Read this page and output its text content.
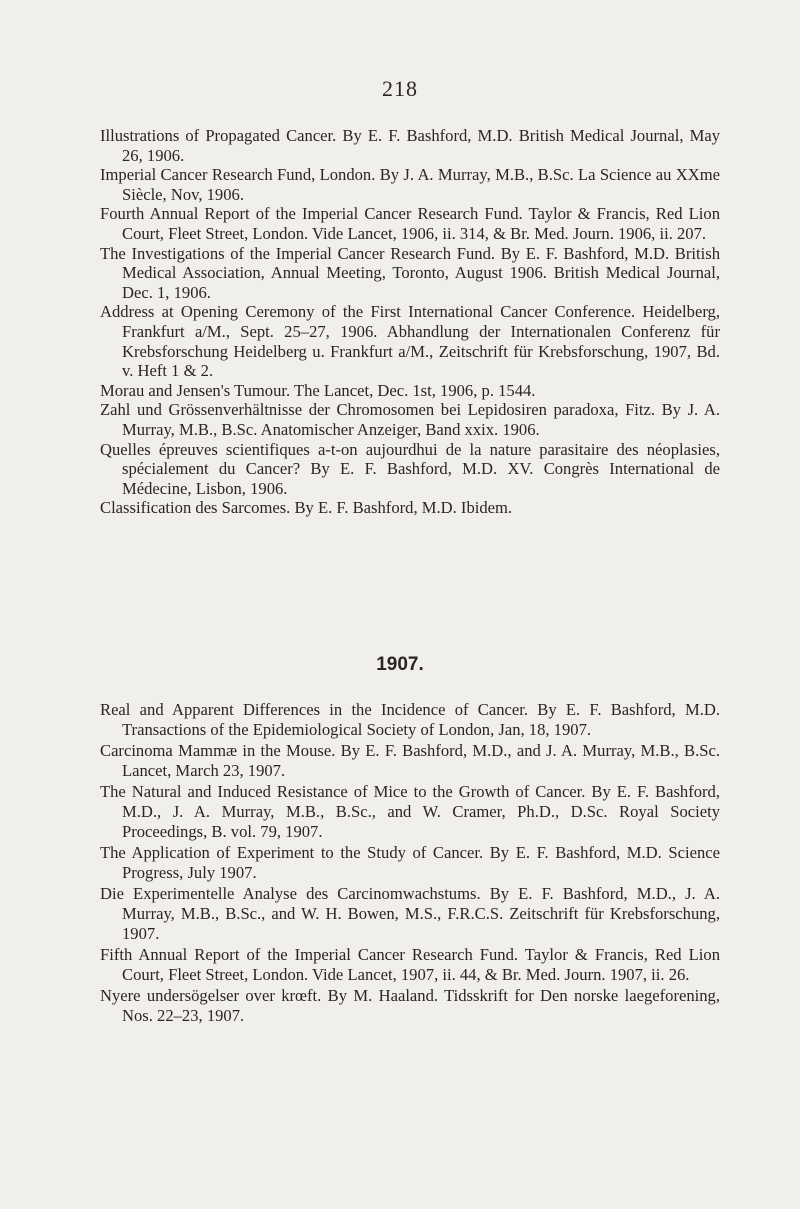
218
Illustrations of Propagated Cancer. By E. F. Bashford, M.D. British Medical Journal, May 26, 1906.
Imperial Cancer Research Fund, London. By J. A. Murray, M.B., B.Sc. La Science au XXme Siècle, Nov, 1906.
Fourth Annual Report of the Imperial Cancer Research Fund. Taylor & Francis, Red Lion Court, Fleet Street, London. Vide Lancet, 1906, ii. 314, & Br. Med. Journ. 1906, ii. 207.
The Investigations of the Imperial Cancer Research Fund. By E. F. Bashford, M.D. British Medical Association, Annual Meeting, Toronto, August 1906. British Medical Journal, Dec. 1, 1906.
Address at Opening Ceremony of the First International Cancer Conference. Heidelberg, Frankfurt a/M., Sept. 25–27, 1906. Abhandlung der Internationalen Conferenz für Krebsforschung Heidelberg u. Frankfurt a/M., Zeitschrift für Krebsforschung, 1907, Bd. v. Heft 1 & 2.
Morau and Jensen's Tumour. The Lancet, Dec. 1st, 1906, p. 1544.
Zahl und Grössenverhältnisse der Chromosomen bei Lepidosiren paradoxa, Fitz. By J. A. Murray, M.B., B.Sc. Anatomischer Anzeiger, Band xxix. 1906.
Quelles épreuves scientifiques a-t-on aujourdhui de la nature parasitaire des néoplasies, spécialement du Cancer? By E. F. Bashford, M.D. XV. Congrès International de Médecine, Lisbon, 1906.
Classification des Sarcomes. By E. F. Bashford, M.D. Ibidem.
1907.
Real and Apparent Differences in the Incidence of Cancer. By E. F. Bashford, M.D. Transactions of the Epidemiological Society of London, Jan, 18, 1907.
Carcinoma Mammæ in the Mouse. By E. F. Bashford, M.D., and J. A. Murray, M.B., B.Sc. Lancet, March 23, 1907.
The Natural and Induced Resistance of Mice to the Growth of Cancer. By E. F. Bashford, M.D., J. A. Murray, M.B., B.Sc., and W. Cramer, Ph.D., D.Sc. Royal Society Proceedings, B. vol. 79, 1907.
The Application of Experiment to the Study of Cancer. By E. F. Bashford, M.D. Science Progress, July 1907.
Die Experimentelle Analyse des Carcinomwachstums. By E. F. Bashford, M.D., J. A. Murray, M.B., B.Sc., and W. H. Bowen, M.S., F.R.C.S. Zeitschrift für Krebsforschung, 1907.
Fifth Annual Report of the Imperial Cancer Research Fund. Taylor & Francis, Red Lion Court, Fleet Street, London. Vide Lancet, 1907, ii. 44, & Br. Med. Journ. 1907, ii. 26.
Nyere undersögelser over krœft. By M. Haaland. Tidsskrift for Den norske laegeforening, Nos. 22–23, 1907.
